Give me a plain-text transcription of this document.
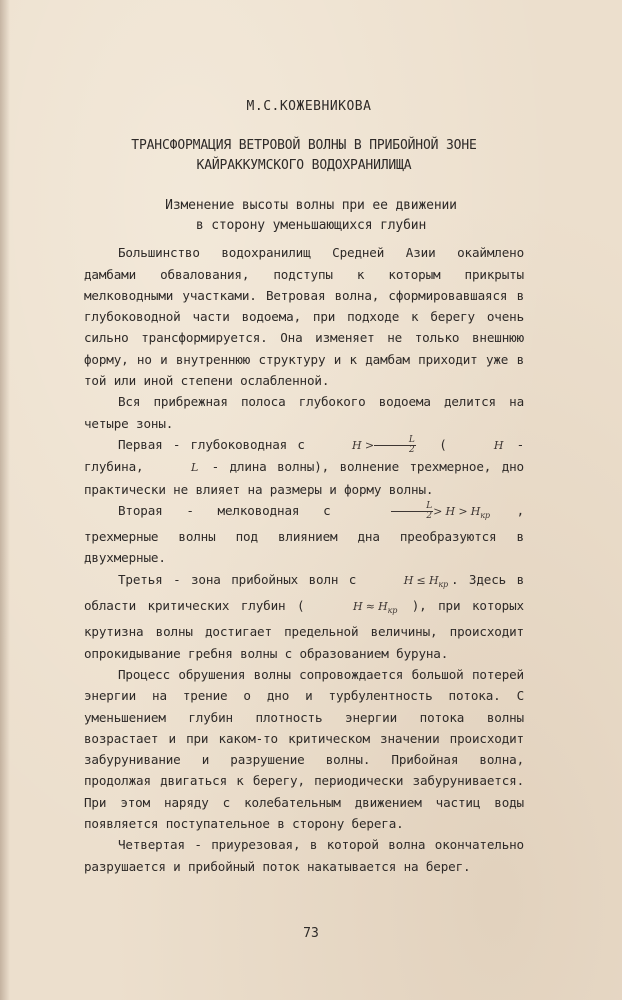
М.С.КОЖЕВНИКОВА
ТРАНСФОРМАЦИЯ ВЕТРОВОЙ ВОЛНЫ В ПРИБОЙНОЙ ЗОНЕ
КАЙРАККУМСКОГО ВОДОХРАНИЛИЩА
Изменение высоты волны при ее движении
в сторону уменьшающихся глубин

Большинство водохранилищ Средней Азии окаймлено дамбами обвалования, подступы к которым прикрыты мелководными участками. Ветровая волна, сформировавшаяся в глубоководной части водоема, при подходе к берегу очень сильно трансформируется. Она изменяет не только внешнюю форму, но и внутреннюю структуру и к дамбам приходит уже в той или иной степени ослабленной.

Вся прибрежная полоса глубокого водоема делится на четыре зоны.

Первая - глубоководная с	$H > \frac{L}{2}$ (	H - глубина,	L - длина волны), волнение трехмерное, дно практически не влияет на размеры и форму волны.

Вторая - мелководная с	$\frac{L}{2} > H > H_{кр}$ , трехмерные волны под влиянием дна преобразуются в двухмерные.

Третья - зона прибойных волн с	$H \le H_{кр}$ . Здесь в области критических глубин (	$H \approx H_{кр}$ ), при которых крутизна волны достигает предельной величины, происходит опрокидывание гребня волны с образованием буруна.

Процесс обрушения волны сопровождается большой потерей энергии на трение о дно и турбулентность потока. С уменьшением глубин плотность энергии потока волны возрастает и при каком-то критическом значении происходит забурунивание и разрушение волны. Прибойная волна, продолжая двигаться к берегу, периодически забурунивается. При этом наряду с колебательным движением частиц воды появляется поступательное в сторону берега.

Четвертая - приурезовая, в которой волна окончательно разрушается и прибойный поток накатывается на берег.

73
